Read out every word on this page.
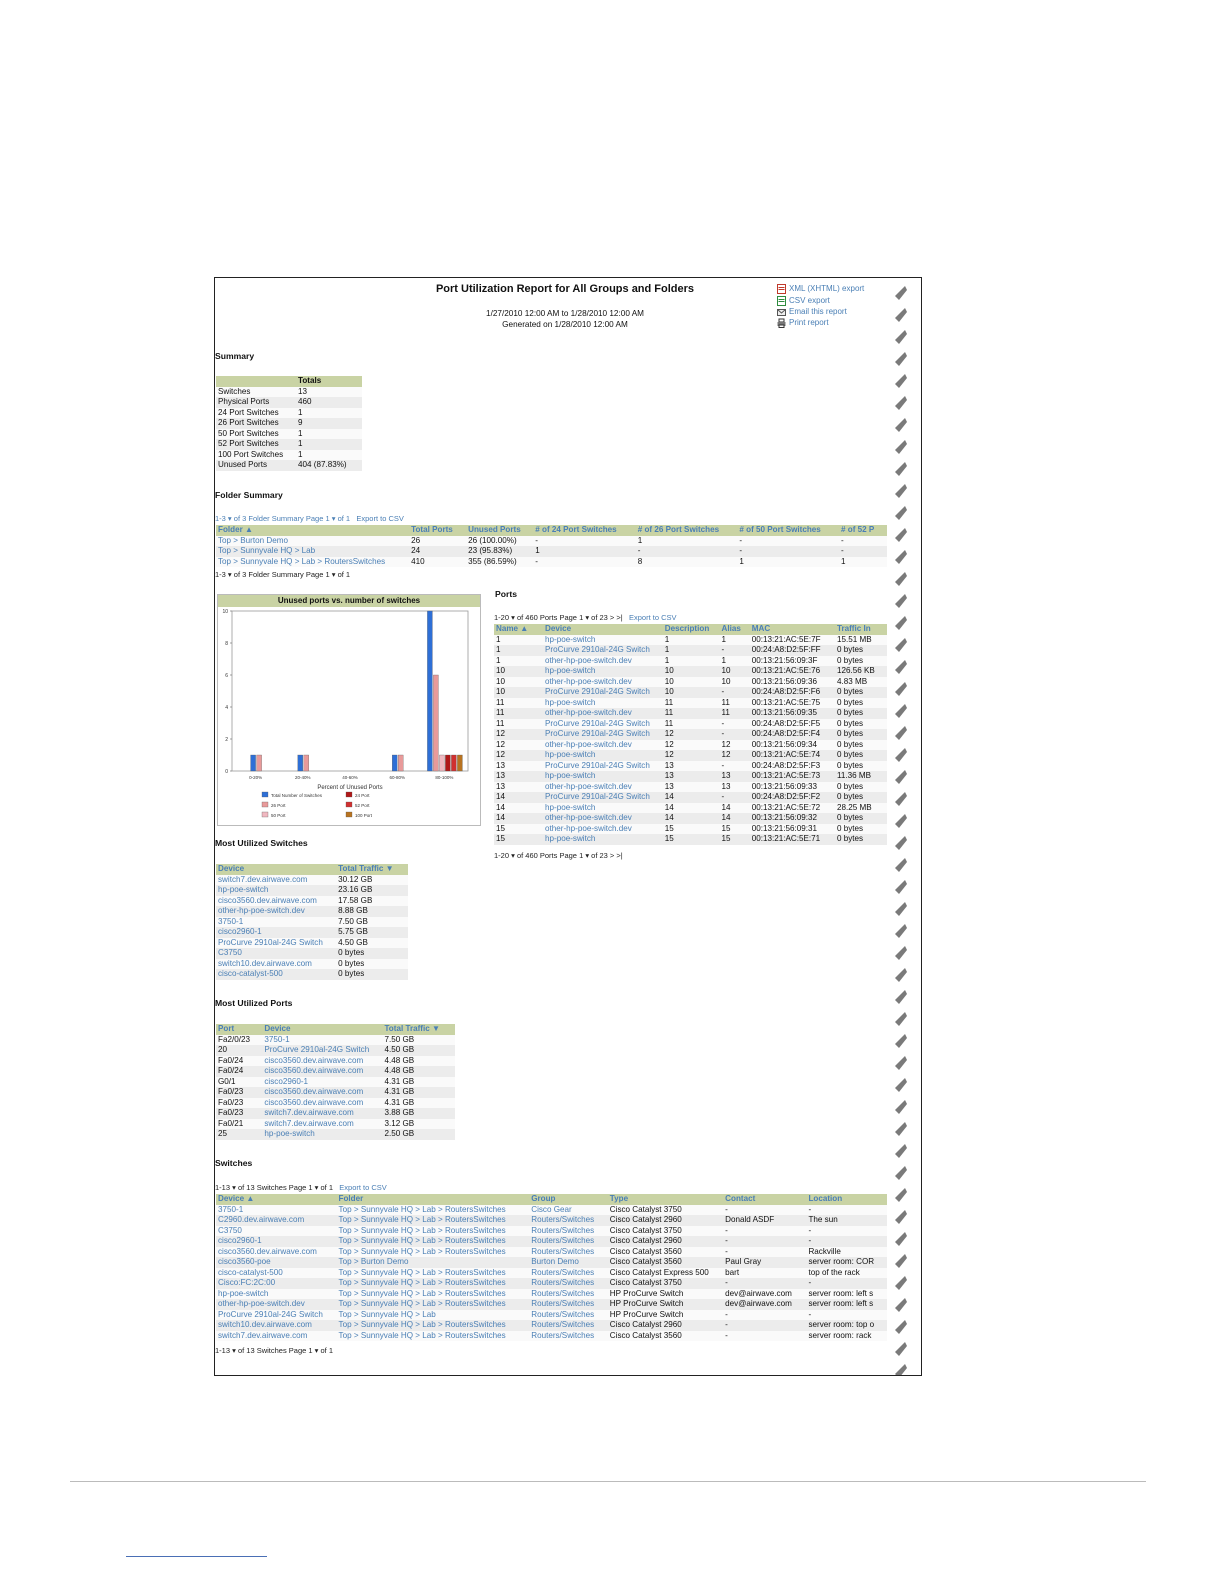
Port Utilization Report for All Groups and Folders
1/27/2010 12:00 AM to 1/28/2010 12:00 AM
Generated on 1/28/2010 12:00 AM
XML (XHTML) export
CSV export
Email this report
Print report
Summary
	Totals
Switches	13
Physical Ports	460
24 Port Switches	1
26 Port Switches	9
50 Port Switches	1
52 Port Switches	1
100 Port Switches	1
Unused Ports	404 (87.83%)
Folder Summary
1-3 ▾ of 3 Folder Summary Page 1 ▾ of 1 Export to CSV
Folder ▲	Total Ports	Unused Ports	# of 24 Port Switches	# of 26 Port Switches	# of 50 Port Switches	# of 52 P
Top > Burton Demo	26	26 (100.00%)	-	1	-	-
Top > Sunnyvale HQ > Lab	24	23 (95.83%)	1	-	-	-
Top > Sunnyvale HQ > Lab > RoutersSwitches	410	355 (86.59%)	-	8	1	1
1-3 ▾ of 3 Folder Summary Page 1 ▾ of 1
Unused ports vs. number of switches
0
2
4
6
8
10
0-20%	20-40%	40-60%	60-80%	80-100%
Percent of Unused Ports
Total Number of Switches
26 Port
50 Port
24 Port
52 Port
100 Port
Ports
1-20 ▾ of 460 Ports Page 1 ▾ of 23 > >| Export to CSV
Name ▲	Device	Description	Alias	MAC	Traffic In
1	hp-poe-switch	1	1	00:13:21:AC:5E:7F	15.51 MB
1	ProCurve 2910al-24G Switch	1	-	00:24:A8:D2:5F:FF	0 bytes
1	other-hp-poe-switch.dev	1	1	00:13:21:56:09:3F	0 bytes
10	hp-poe-switch	10	10	00:13:21:AC:5E:76	126.56 KB
10	other-hp-poe-switch.dev	10	10	00:13:21:56:09:36	4.83 MB
10	ProCurve 2910al-24G Switch	10	-	00:24:A8:D2:5F:F6	0 bytes
11	hp-poe-switch	11	11	00:13:21:AC:5E:75	0 bytes
11	other-hp-poe-switch.dev	11	11	00:13:21:56:09:35	0 bytes
11	ProCurve 2910al-24G Switch	11	-	00:24:A8:D2:5F:F5	0 bytes
12	ProCurve 2910al-24G Switch	12	-	00:24:A8:D2:5F:F4	0 bytes
12	other-hp-poe-switch.dev	12	12	00:13:21:56:09:34	0 bytes
12	hp-poe-switch	12	12	00:13:21:AC:5E:74	0 bytes
13	ProCurve 2910al-24G Switch	13	-	00:24:A8:D2:5F:F3	0 bytes
13	hp-poe-switch	13	13	00:13:21:AC:5E:73	11.36 MB
13	other-hp-poe-switch.dev	13	13	00:13:21:56:09:33	0 bytes
14	ProCurve 2910al-24G Switch	14	-	00:24:A8:D2:5F:F2	0 bytes
14	hp-poe-switch	14	14	00:13:21:AC:5E:72	28.25 MB
14	other-hp-poe-switch.dev	14	14	00:13:21:56:09:32	0 bytes
15	other-hp-poe-switch.dev	15	15	00:13:21:56:09:31	0 bytes
15	hp-poe-switch	15	15	00:13:21:AC:5E:71	0 bytes
1-20 ▾ of 460 Ports Page 1 ▾ of 23 > >|
Most Utilized Switches
Device	Total Traffic ▼
switch7.dev.airwave.com	30.12 GB
hp-poe-switch	23.16 GB
cisco3560.dev.airwave.com	17.58 GB
other-hp-poe-switch.dev	8.88 GB
3750-1	7.50 GB
cisco2960-1	5.75 GB
ProCurve 2910al-24G Switch	4.50 GB
C3750	0 bytes
switch10.dev.airwave.com	0 bytes
cisco-catalyst-500	0 bytes
Most Utilized Ports
Port	Device	Total Traffic ▼
Fa2/0/23	3750-1	7.50 GB
20	ProCurve 2910al-24G Switch	4.50 GB
Fa0/24	cisco3560.dev.airwave.com	4.48 GB
Fa0/24	cisco3560.dev.airwave.com	4.48 GB
G0/1	cisco2960-1	4.31 GB
Fa0/23	cisco3560.dev.airwave.com	4.31 GB
Fa0/23	cisco3560.dev.airwave.com	4.31 GB
Fa0/23	switch7.dev.airwave.com	3.88 GB
Fa0/21	switch7.dev.airwave.com	3.12 GB
25	hp-poe-switch	2.50 GB
Switches
1-13 ▾ of 13 Switches Page 1 ▾ of 1 Export to CSV
Device ▲	Folder	Group	Type	Contact	Location
3750-1	Top > Sunnyvale HQ > Lab > RoutersSwitches	Cisco Gear	Cisco Catalyst 3750	-	-
C2960.dev.airwave.com	Top > Sunnyvale HQ > Lab > RoutersSwitches	Routers/Switches	Cisco Catalyst 2960	Donald ASDF	The sun
C3750	Top > Sunnyvale HQ > Lab > RoutersSwitches	Routers/Switches	Cisco Catalyst 3750	-	-
cisco2960-1	Top > Sunnyvale HQ > Lab > RoutersSwitches	Routers/Switches	Cisco Catalyst 2960	-	-
cisco3560.dev.airwave.com	Top > Sunnyvale HQ > Lab > RoutersSwitches	Routers/Switches	Cisco Catalyst 3560	-	Rackville
cisco3560-poe	Top > Burton Demo	Burton Demo	Cisco Catalyst 3560	Paul Gray	server room: COR
cisco-catalyst-500	Top > Sunnyvale HQ > Lab > RoutersSwitches	Routers/Switches	Cisco Catalyst Express 500	bart	top of the rack
Cisco:FC:2C:00	Top > Sunnyvale HQ > Lab > RoutersSwitches	Routers/Switches	Cisco Catalyst 3750	-	-
hp-poe-switch	Top > Sunnyvale HQ > Lab > RoutersSwitches	Routers/Switches	HP ProCurve Switch	dev@airwave.com	server room: left s
other-hp-poe-switch.dev	Top > Sunnyvale HQ > Lab > RoutersSwitches	Routers/Switches	HP ProCurve Switch	dev@airwave.com	server room: left s
ProCurve 2910al-24G Switch	Top > Sunnyvale HQ > Lab	Routers/Switches	HP ProCurve Switch	-	-
switch10.dev.airwave.com	Top > Sunnyvale HQ > Lab > RoutersSwitches	Routers/Switches	Cisco Catalyst 2960	-	server room: top o
switch7.dev.airwave.com	Top > Sunnyvale HQ > Lab > RoutersSwitches	Routers/Switches	Cisco Catalyst 3560	-	server room: rack
1-13 ▾ of 13 Switches Page 1 ▾ of 1
